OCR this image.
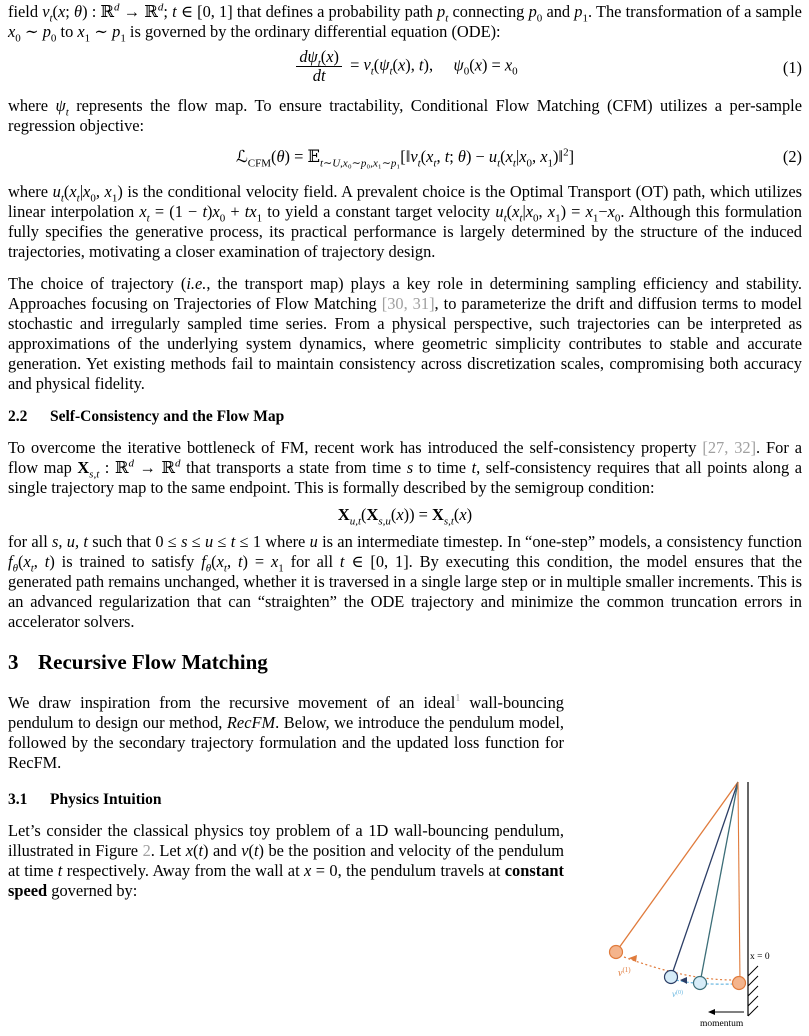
field $v_t(x$; θ) : ℝ$^d$ → ℝ$^d$; t ∈ [0, 1] that defines a probability path $p_t$ connecting $p_0$ and $p_1$. The transformation of a sample $x_0$ ∼ $p_0$ to $x_1$ ∼ $p_1$ is governed by the ordinary differential equation (ODE):

$\frac{d\psi_t(x)}{dt} = v_t(\psi_t(x)$, t),     $\psi_0(x) = x_0$	(1)

where $\psi_t$ represents the flow map. To ensure tractability, Conditional Flow Matching (CFM) utilizes a per-sample regression objective:

ℒ$_{CFM}$(θ) = $𝔼_{t\sim U,x_0\sim p_0,x_1\sim p_1}[‖v_t(x_t$, t; $\theta) - u_t(x_t|x_0$, $x_1)‖^2$]	(2)

where $u_t(x_t|x_0$, $x_1$) is the conditional velocity field. A prevalent choice is the Optimal Transport (OT) path, which utilizes linear interpolation $x_t = (1 - t)x_0 + tx_1$ to yield a constant target velocity $u_t(x_t|x_0$, $x_1) = x_1-x_0$. Although this formulation fully specifies the generative process, its practical performance is largely determined by the structure of the induced trajectories, motivating a closer examination of trajectory design.

The choice of trajectory (i.e., the transport map) plays a key role in determining sampling efficiency and stability. Approaches focusing on Trajectories of Flow Matching [30, 31], to parameterize the drift and diffusion terms to model stochastic and irregularly sampled time series. From a physical perspective, such trajectories can be interpreted as approximations of the underlying system dynamics, where geometric simplicity contributes to stable and accurate generation. Yet existing methods fail to maintain consistency across discretization scales, compromising both accuracy and physical fidelity.

2.2 Self-Consistency and the Flow Map

To overcome the iterative bottleneck of FM, recent work has introduced the self-consistency property [27, 32]. For a flow map $X_{s,t}$ : ℝ$^d$ → ℝ$^d$ that transports a state from time s to time t, self-consistency requires that all points along a single trajectory map to the same endpoint. This is formally described by the semigroup condition:

$X_{u,t}(X_{s,u}(x)) = X_{s,t}(x)$

for all s, u, t such that 0 ≤ s ≤ u ≤ t ≤ 1 where u is an intermediate timestep. In “one-step” models, a consistency function $f_\theta(x_t$, t) is trained to satisfy $f_\theta(x_t$, $t) = x_1$ for all t ∈ [0, 1]. By executing this condition, the model ensures that the generated path remains unchanged, whether it is traversed in a single large step or in multiple smaller increments. This is an advanced regularization that can “straighten” the ODE trajectory and minimize the common truncation errors in accelerator solvers.

3 Recursive Flow Matching

We draw inspiration from the recursive movement of an ideal$^1$ wall-bouncing pendulum to design our method, RecFM. Below, we introduce the pendulum model, followed by the secondary trajectory formulation and the updated loss function for RecFM.

3.1 Physics Intuition

Let’s consider the classical physics toy problem of a 1D wall-bouncing pendulum, illustrated in Figure 2. Let x(t) and v(t) be the position and velocity of the pendulum at time t respectively. Away from the wall at x = 0, the pendulum travels at constant speed governed by:

x = 0
$v^{(1)}$
$v^{(0)}$
momentum
